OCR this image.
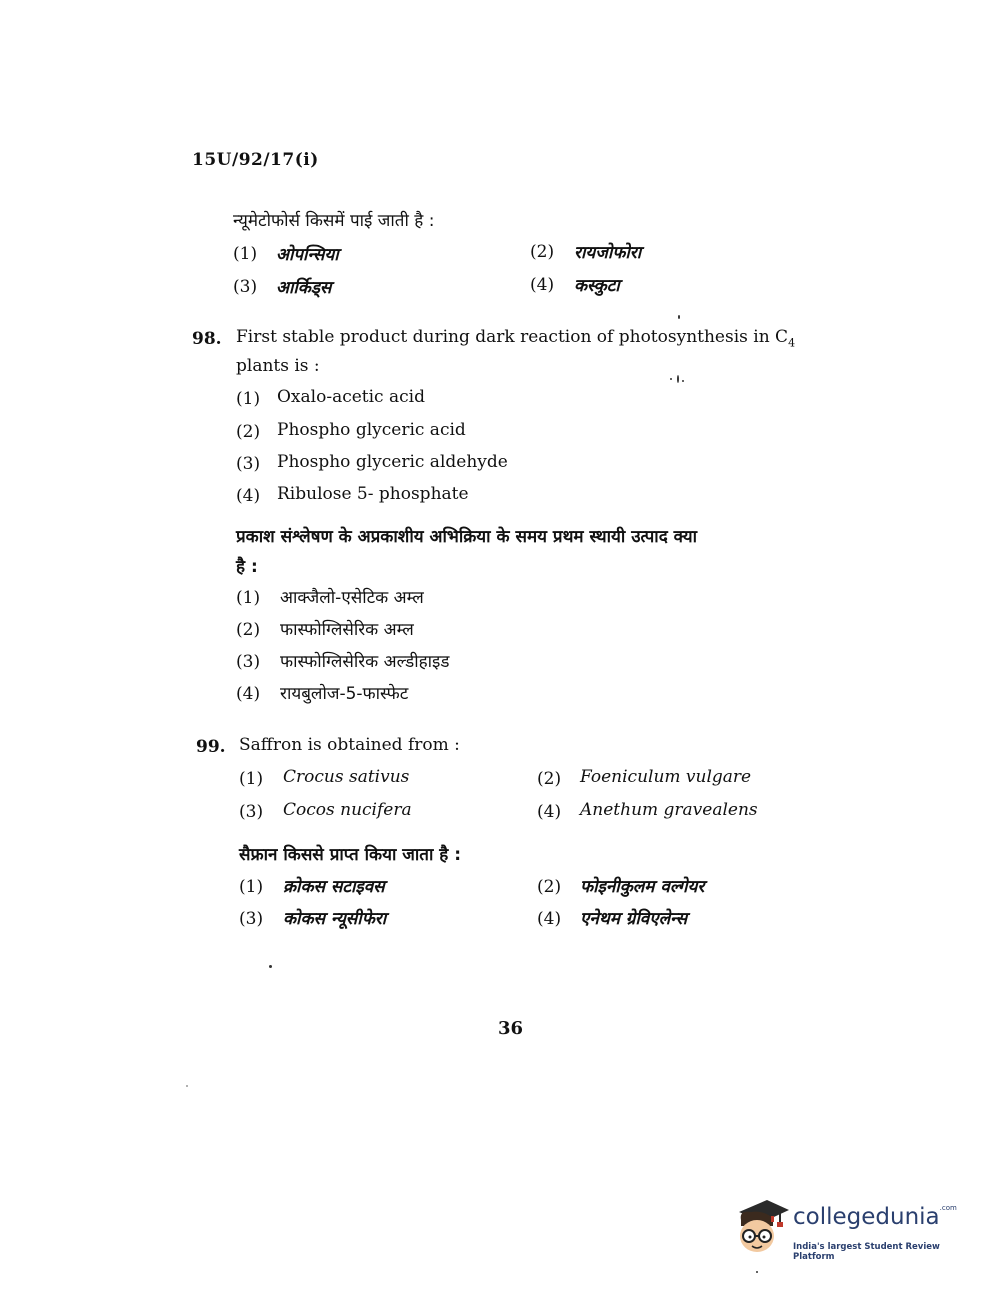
15U/92/17(i)
न्यूमेटोफोर्स किसमें पाई जाती है :
(1) ओपन्सिया	(2) रायजोफोरा
(3) आर्किड्स	(4) कस्कुटा
98. First stable product during dark reaction of photosynthesis in $C_4$
plants is :
(1) Oxalo-acetic acid
(2) Phospho glyceric acid
(3) Phospho glyceric aldehyde
(4) Ribulose 5- phosphate
प्रकाश संश्लेषण के अप्रकाशीय अभिक्रिया के समय प्रथम स्थायी उत्पाद क्या
है :
(1) आक्जैलो-एसेटिक अम्ल
(2) फास्फोग्लिसेरिक अम्ल
(3) फास्फोग्लिसेरिक अल्डीहाइड
(4) रायबुलोज-5-फास्फेट
99. Saffron is obtained from :
(1) Crocus sativus	(2) Foeniculum vulgare
(3) Cocos nucifera	(4) Anethum gravealens
सैफ्रान किससे प्राप्त किया जाता है :
(1) क्रोकस सटाइवस	(2) फोइनीकुलम वल्गेयर
(3) कोकस न्यूसीफेरा	(4) एनेथम ग्रेविएलेन्स
36
collegedunia$^{.com}$
India's largest Student Review Platform
